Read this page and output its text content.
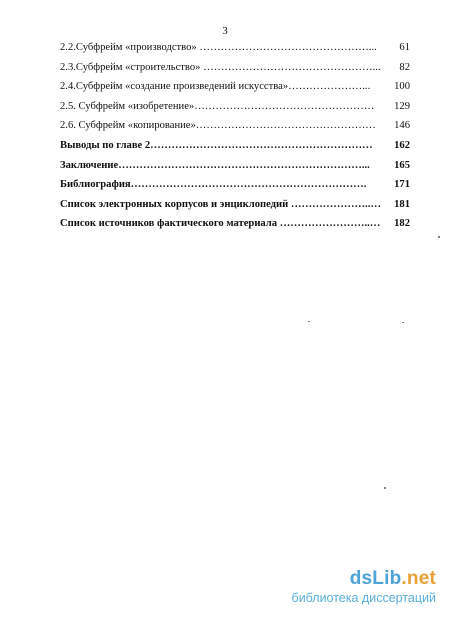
3
2.2.Субфрейм «производство» …………………………………………...	61
2.3.Субфрейм «строительство» …………………………………………...	82
2.4.Субфрейм «создание произведений искусства»…………………...	100
2.5. Субфрейм «изобретение»……………………………………………	129
2.6. Субфрейм «копирование»……………………………………………	146
Выводы по главе 2………………………………………………………	162
Заключение……………………………………………………………...	165
Библиография………………………………………………………….	171
Список электронных корпусов и энциклопедий …………………..…	181
Список источников фактического материала ……………………..…	182
dsLib.net
библиотека диссертаций
